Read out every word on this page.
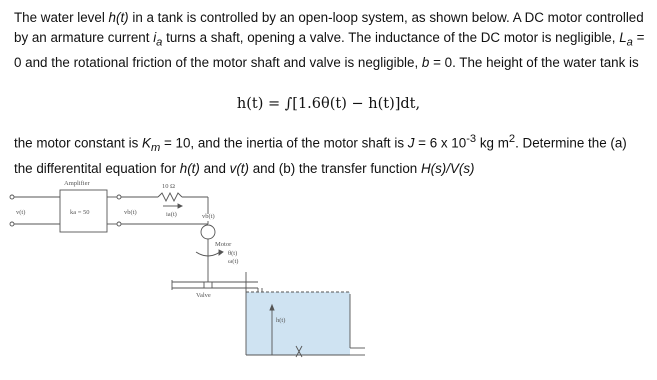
The water level h(t) in a tank is controlled by an open-loop system, as shown below. A DC motor controlled by an armature current $i_a$ turns a shaft, opening a valve. The inductance of the DC motor is negligible, $L_a = 0$ and the rotational friction of the motor shaft and valve is negligible, b = 0. The height of the water tank is

h(t) = ∫[1.6θ(t) − h(t)]dt,

the motor constant is $K_m = 10$, and the inertia of the motor shaft is J = 6 x $10^{-3}$ kg $m^2$. Determine the (a) the differentital equation for h(t) and v(t) and (b) the transfer function H(s)/V(s)

Amplifier
ka = 50
v(t)	vb(t)
10 Ω
ia(t)	vb(t)
Motor
θ(t)
ω(t)
Valve
h(t)
